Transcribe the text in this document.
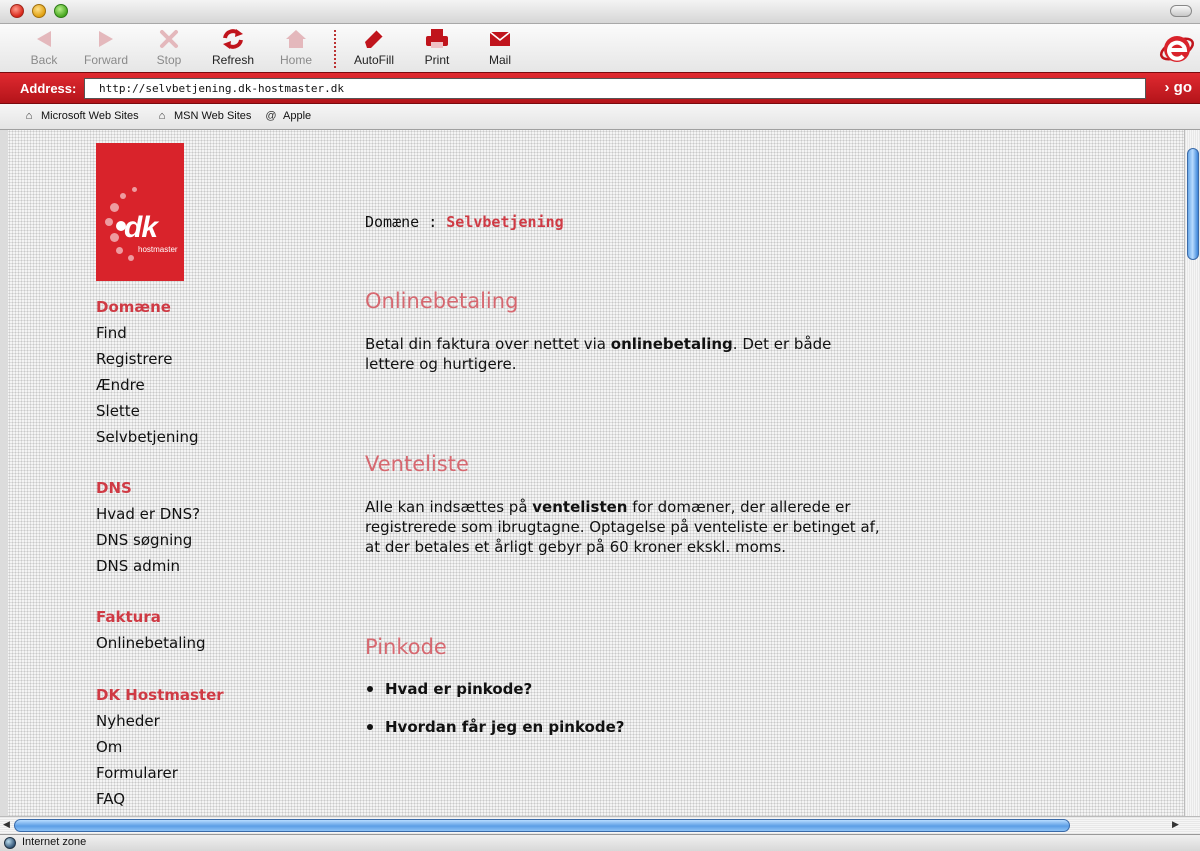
Back	Forward	Stop	Refresh	Home	AutoFill	Print	Mail
Address:	http://selvbetjening.dk-hostmaster.dk	› go
⌂ Microsoft Web Sites	⌂ MSN Web Sites @ Apple
dk
hostmaster
Domæne
Find
Registrere
Ændre
Slette
Selvbetjening
DNS
Hvad er DNS?
DNS søgning
DNS admin
Faktura
Onlinebetaling
DK Hostmaster
Nyheder
Om
Formularer
FAQ
Domæne : Selvbetjening
Onlinebetaling

Betal din faktura over nettet via onlinebetaling. Det er både lettere og hurtigere.

Venteliste

Alle kan indsættes på ventelisten for domæner, der allerede er registrerede som ibrugtagne. Optagelse på venteliste er betinget af, at der betales et årligt gebyr på 60 kroner ekskl. moms.

Pinkode
Hvad er pinkode?
Hvordan får jeg en pinkode?
◀	▶
Internet zone
